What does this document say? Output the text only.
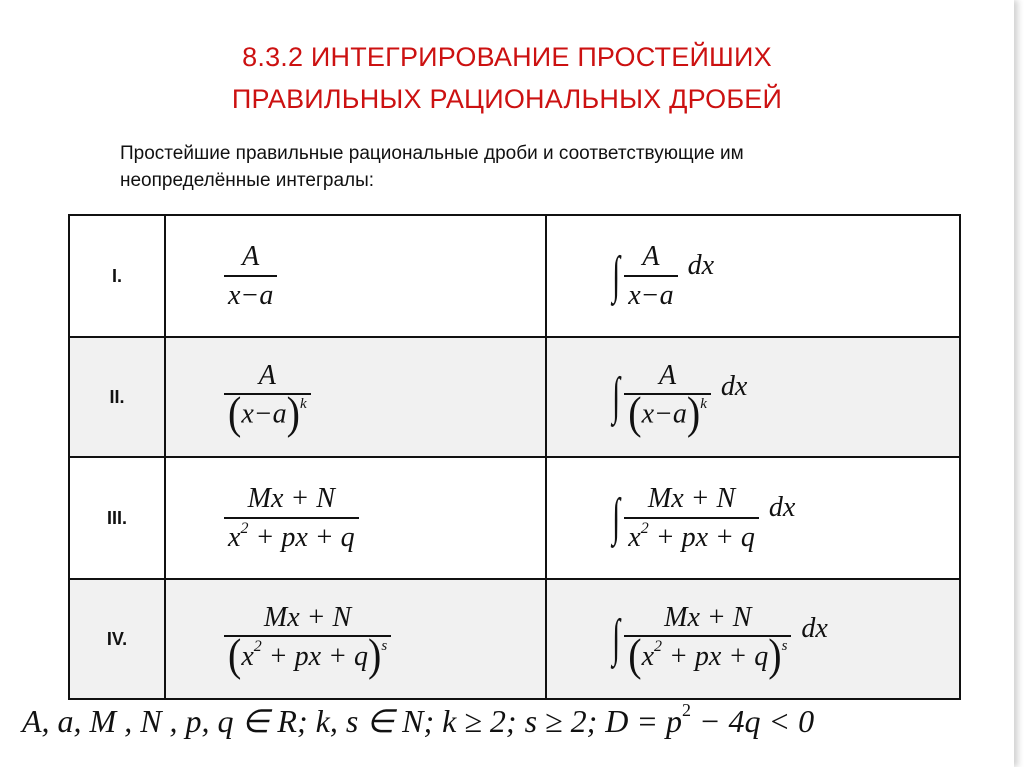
8.3.2 ИНТЕГРИРОВАНИЕ ПРОСТЕЙШИХ
ПРАВИЛЬНЫХ РАЦИОНАЛЬНЫХ ДРОБЕЙ
Простейшие правильные рациональные дроби и соответствующие им
неопределённые интегралы:
I.	$\frac{A}{x-a}$	∫ $\frac{A}{x-a}$ dx

II.	$\frac{A}{(x-a)^k}$	∫ $\frac{A}{(x-a)^k}$ dx

III.	$\frac{Mx + N}{x^2 + px + q}$	∫ $\frac{Mx + N}{x^2 + px + q}$ dx

IV.	$\frac{Mx + N}{(x^2 + px + q)^s}$	∫ $\frac{Mx + N}{(x^2 + px + q)^s}$ dx
A, a, M , N , p, q ∈ R; k, s ∈ N; k ≥ 2; s ≥ 2; $D = p^2 - 4q < 0$
